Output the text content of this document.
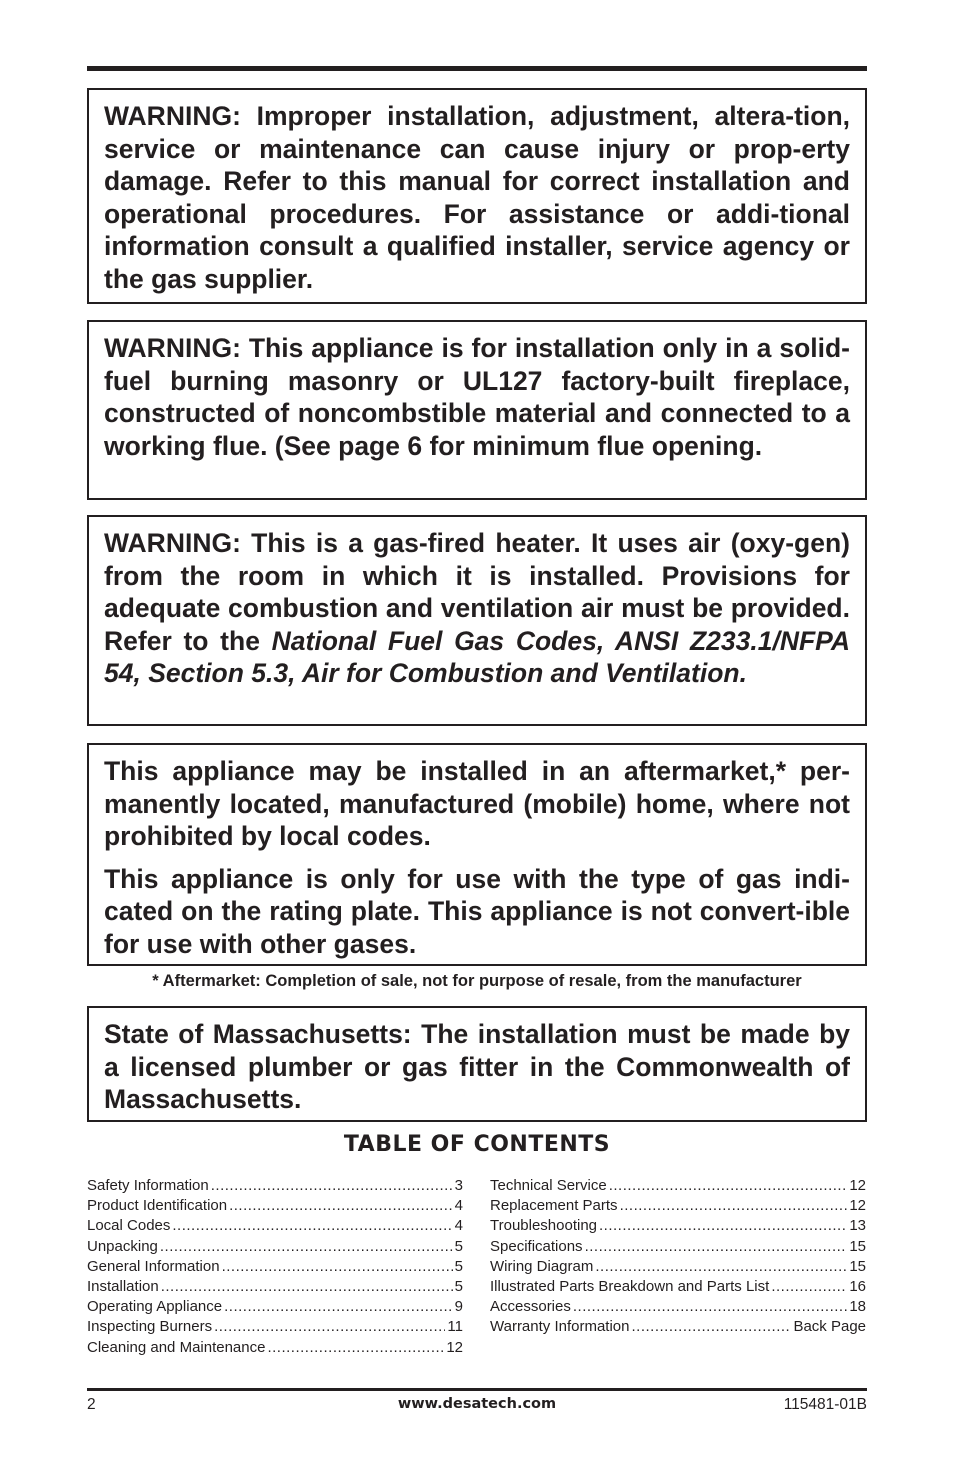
WARNING: Improper installation, adjustment, altera-tion, service or maintenance can cause injury or prop-erty damage. Refer to this manual for correct installation and operational procedures. For assistance or addi-tional information consult a qualified installer, service agency or the gas supplier.

WARNING: This appliance is for installation only in a solid-fuel burning masonry or UL127 factory-built fireplace, constructed of noncombstible material and connected to a working flue. (See page 6 for minimum flue opening.

WARNING: This is a gas-fired heater. It uses air (oxy-gen) from the room in which it is installed. Provisions for adequate combustion and ventilation air must be provided. Refer to the National Fuel Gas Codes, ANSI Z233.1/NFPA 54, Section 5.3, Air for Combustion and Ventilation.

This appliance may be installed in an aftermarket,* per-manently located, manufactured (mobile) home, where not prohibited by local codes.

This appliance is only for use with the type of gas indi-cated on the rating plate. This appliance is not convert-ible for use with other gases.

* Aftermarket: Completion of sale, not for purpose of resale, from the manufacturer

State of Massachusetts: The installation must be made by a licensed plumber or gas fitter in the Commonwealth of Massachusetts.

TABLE OF CONTENTS
Safety Information .....	3
Product Identification .....	4
Local Codes .....	4
Unpacking .....	5
General Information .....	5
Installation .....	5
Operating Appliance .....	9
Inspecting Burners .....	11
Cleaning and Maintenance .....	12
Technical Service .....	12
Replacement Parts .....	12
Troubleshooting .....	13
Specifications .....	15
Wiring Diagram .....	15
Illustrated Parts Breakdown and Parts List .....	16
Accessories .....	18
Warranty Information .....	Back Page
2	www.desatech.com	115481-01B
